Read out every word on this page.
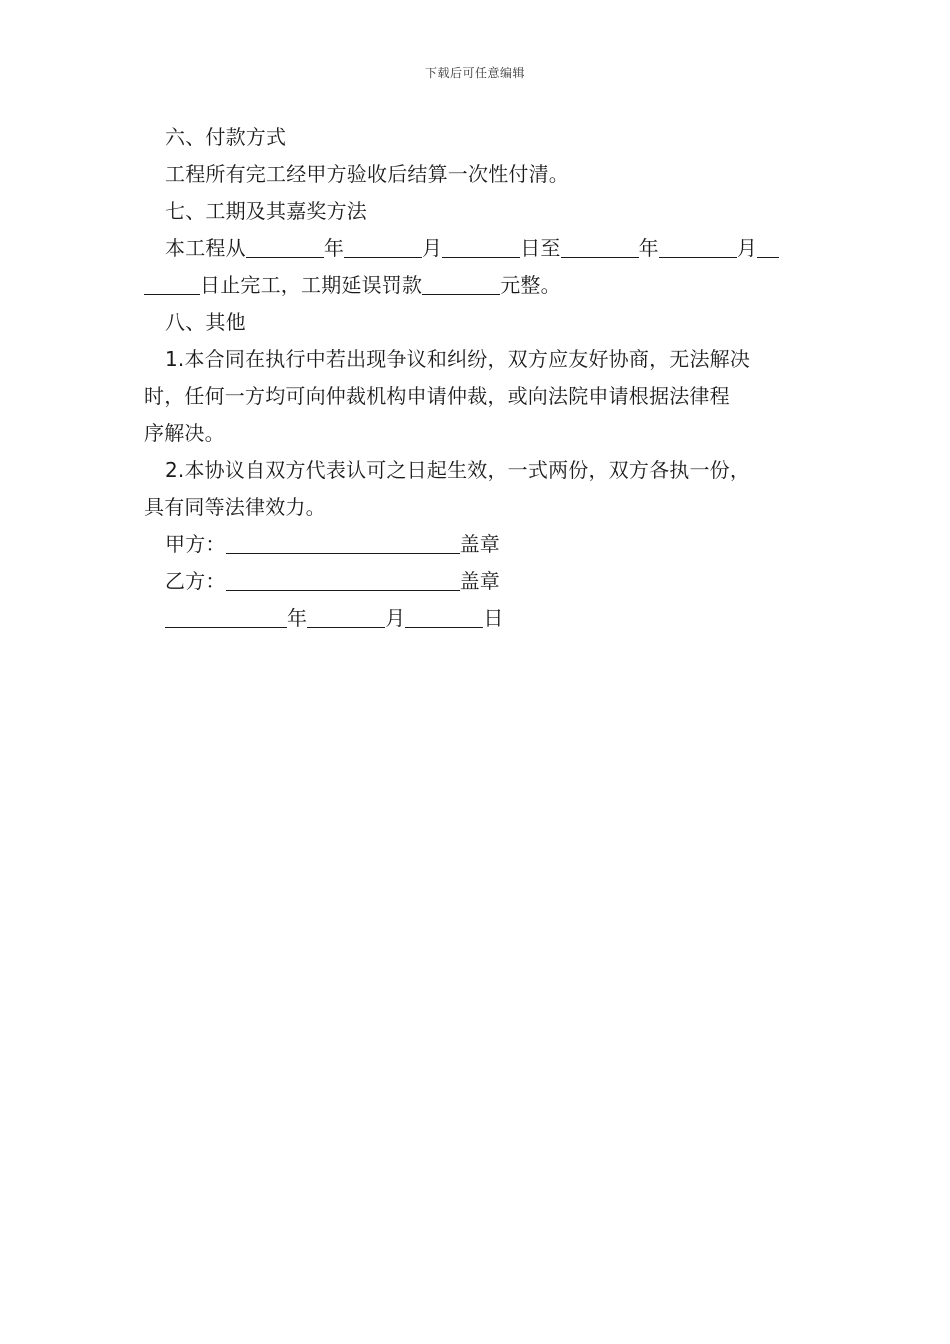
下载后可任意编辑
六、付款方式
工程所有完工经甲方验收后结算一次性付清。
七、工期及其嘉奖方法
本工程从	年	月	日至	年	月
日止完工，工期延误罚款	元整。
八、其他
1.本合同在执行中若出现争议和纠纷，双方应友好协商，无法解决
时，任何一方均可向仲裁机构申请仲裁，或向法院申请根据法律程
序解决。
2.本协议自双方代表认可之日起生效，一式两份，双方各执一份，
具有同等法律效力。
甲方：	盖章
乙方：	盖章
年	月	日
